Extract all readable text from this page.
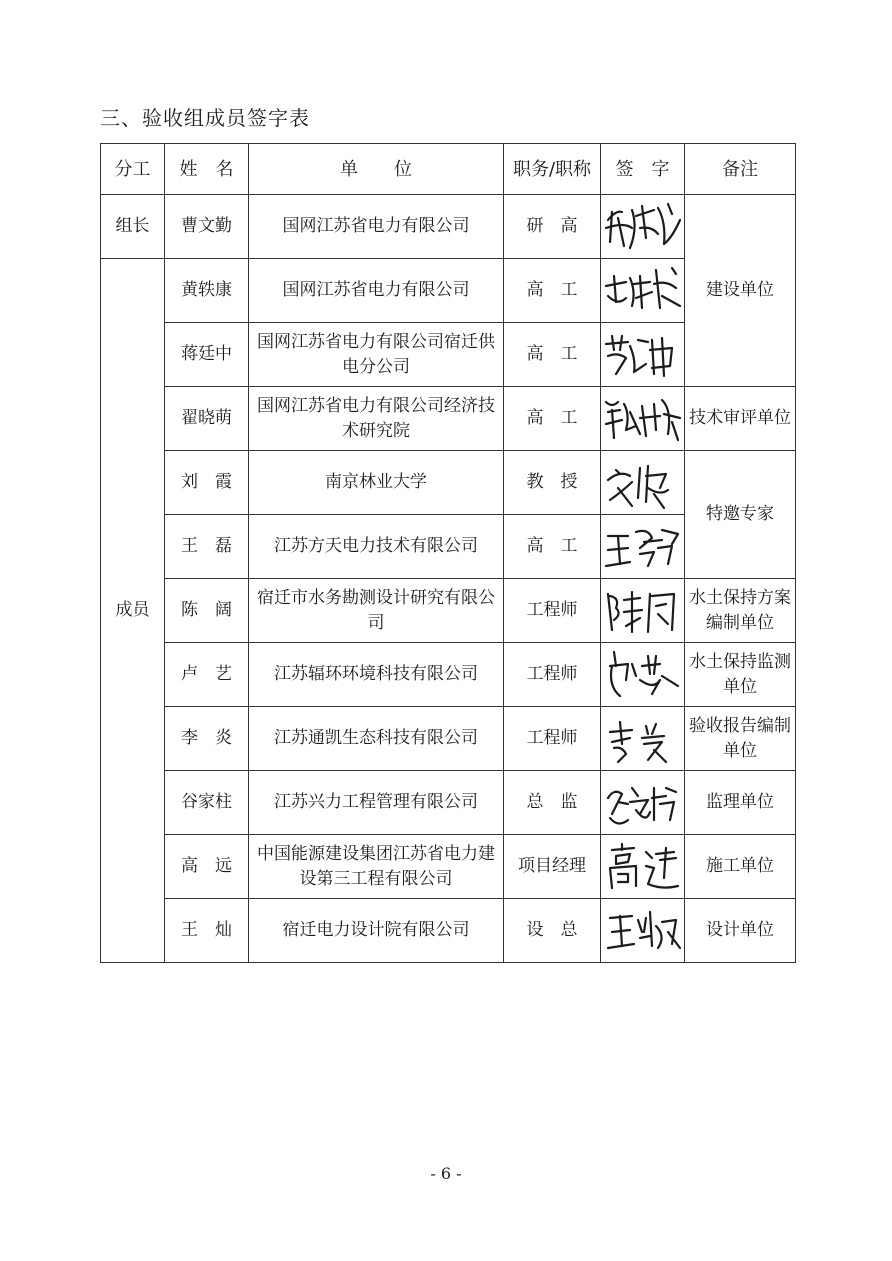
三、验收组成员签字表
分工	姓　名	单　　位	职务/职称	签　字	备注
组长	曹文勤	国网江苏省电力有限公司	研　高		建设单位
成员	黄轶康	国网江苏省电力有限公司	高　工	

	蒋廷中	国网江苏省电力有限公司宿迁供电分公司	高　工	

	翟晓萌	国网江苏省电力有限公司经济技术研究院	高　工		技术审评单位
	刘　霞	南京林业大学	教　授		特邀专家
	王　磊	江苏方天电力技术有限公司	高　工	

	陈　阔	宿迁市水务勘测设计研究有限公司	工程师		水土保持方案编制单位
	卢　艺	江苏辐环环境科技有限公司	工程师		水土保持监测单位
	李　炎	江苏通凯生态科技有限公司	工程师		验收报告编制单位
	谷家柱	江苏兴力工程管理有限公司	总　监		监理单位
	高　远	中国能源建设集团江苏省电力建设第三工程有限公司	项目经理		施工单位
	王　灿	宿迁电力设计院有限公司	设　总		设计单位
- 6 -
